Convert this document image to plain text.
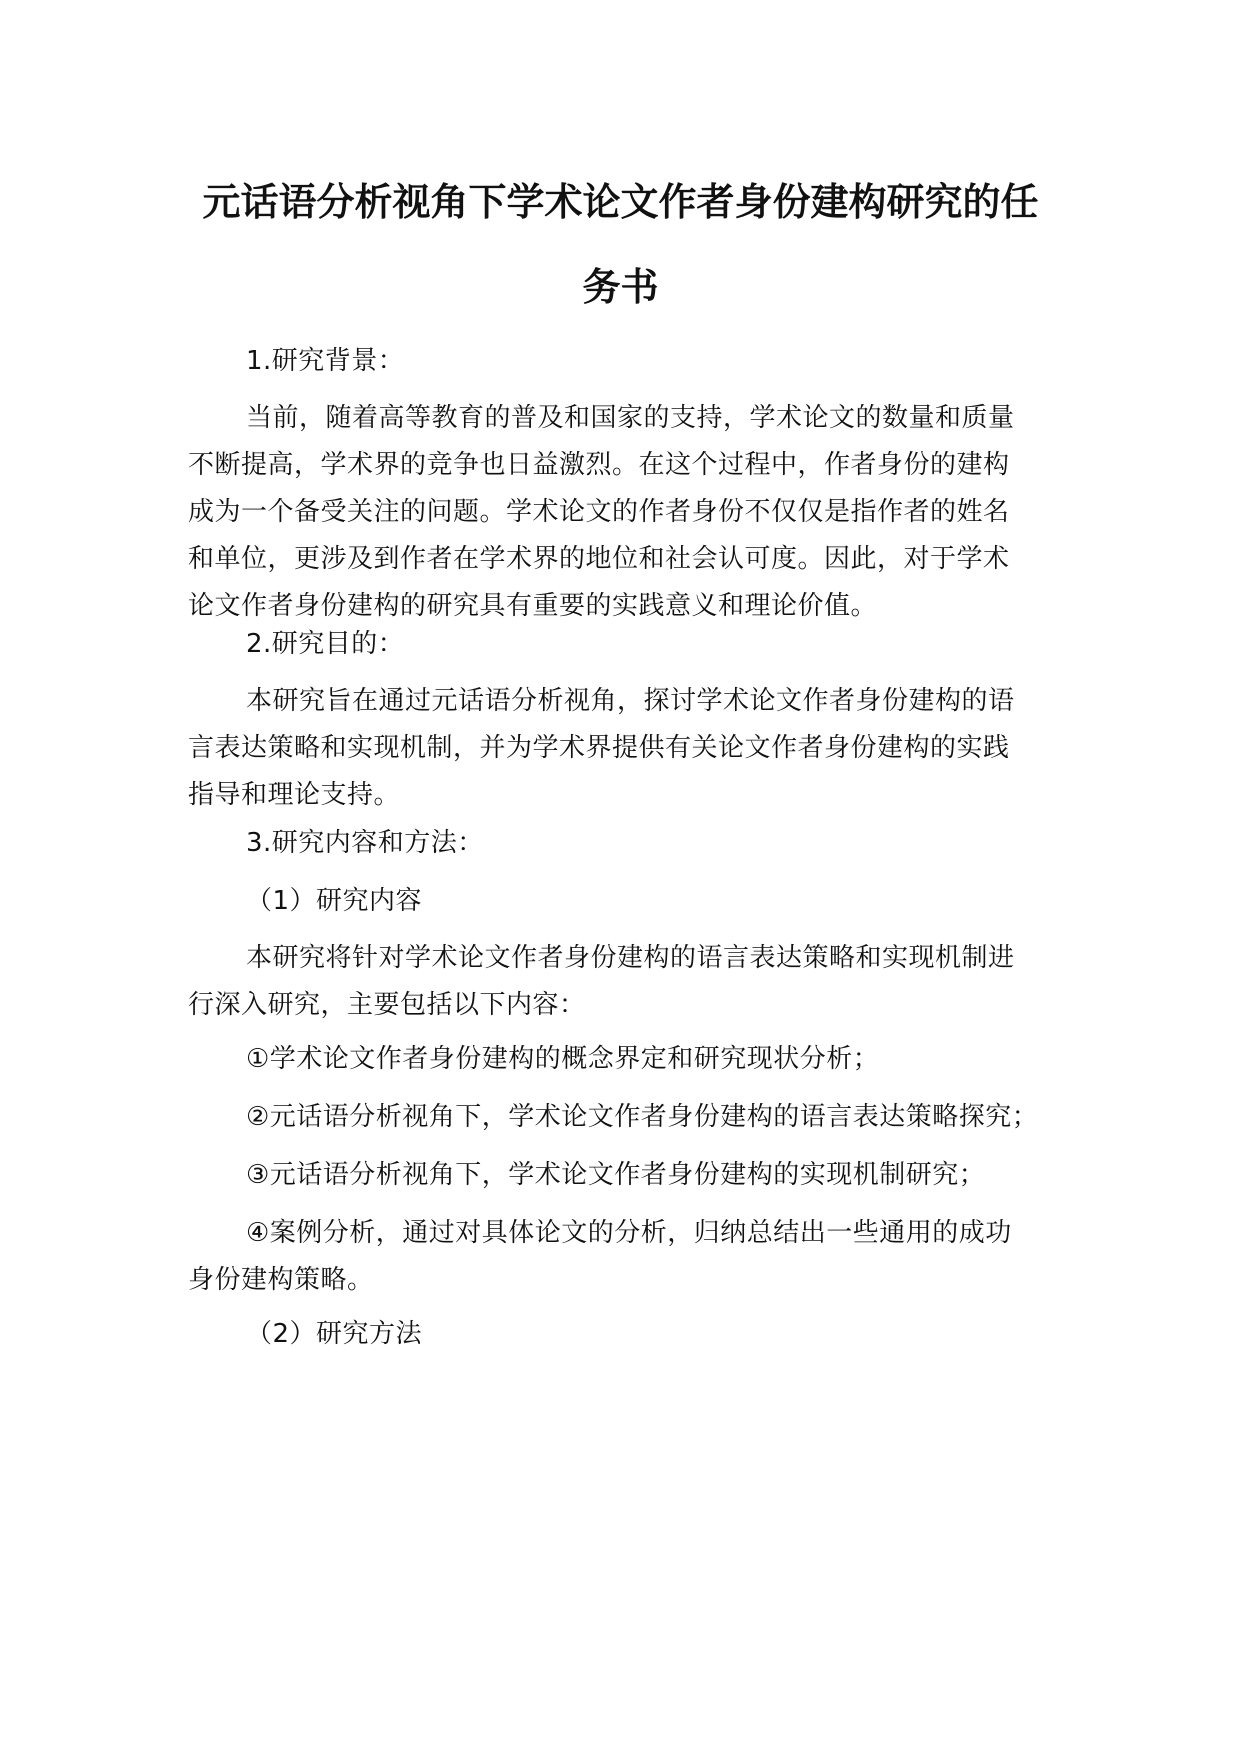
元话语分析视角下学术论文作者身份建构研究的任
务书

1.研究背景：

当前，随着高等教育的普及和国家的支持，学术论文的数量和质量
不断提高，学术界的竞争也日益激烈。在这个过程中，作者身份的建构
成为一个备受关注的问题。学术论文的作者身份不仅仅是指作者的姓名
和单位，更涉及到作者在学术界的地位和社会认可度。因此，对于学术
论文作者身份建构的研究具有重要的实践意义和理论价值。

2.研究目的：

本研究旨在通过元话语分析视角，探讨学术论文作者身份建构的语
言表达策略和实现机制，并为学术界提供有关论文作者身份建构的实践
指导和理论支持。

3.研究内容和方法：

（1）研究内容

本研究将针对学术论文作者身份建构的语言表达策略和实现机制进
行深入研究，主要包括以下内容：

①学术论文作者身份建构的概念界定和研究现状分析；

②元话语分析视角下，学术论文作者身份建构的语言表达策略探究；

③元话语分析视角下，学术论文作者身份建构的实现机制研究；

④案例分析，通过对具体论文的分析，归纳总结出一些通用的成功
身份建构策略。

（2）研究方法
